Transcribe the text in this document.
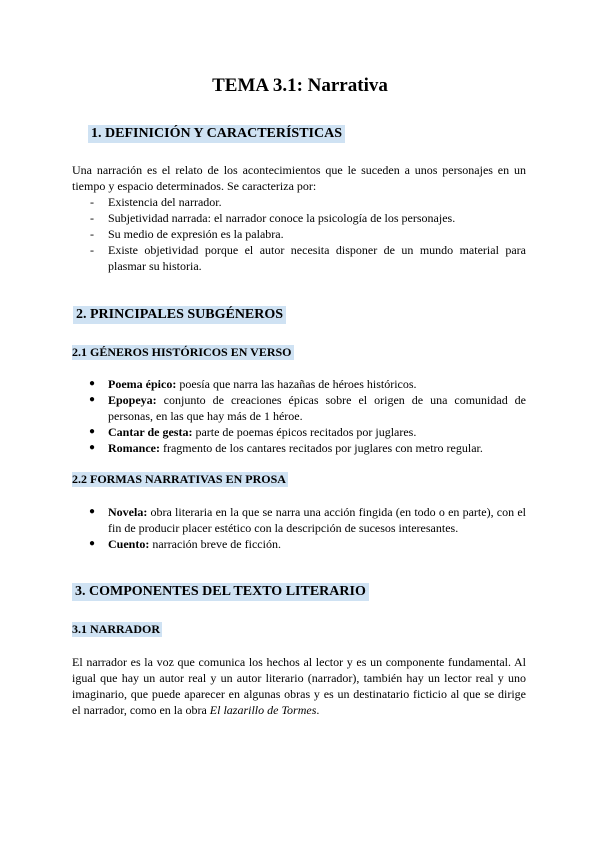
TEMA 3.1: Narrativa
1. DEFINICIÓN Y CARACTERÍSTICAS

Una narración es el relato de los acontecimientos que le suceden a unos personajes en un tiempo y espacio determinados. Se caracteriza por:

- Existencia del narrador.
- Subjetividad narrada: el narrador conoce la psicología de los personajes.
- Su medio de expresión es la palabra.
- Existe objetividad porque el autor necesita disponer de un mundo material para plasmar su historia.
2. PRINCIPALES SUBGÉNEROS
2.1 GÉNEROS HISTÓRICOS EN VERSO
● Poema épico: poesía que narra las hazañas de héroes históricos.
● Epopeya: conjunto de creaciones épicas sobre el origen de una comunidad de personas, en las que hay más de 1 héroe.
● Cantar de gesta: parte de poemas épicos recitados por juglares.
● Romance: fragmento de los cantares recitados por juglares con metro regular.
2.2 FORMAS NARRATIVAS EN PROSA
● Novela: obra literaria en la que se narra una acción fingida (en todo o en parte), con el fin de producir placer estético con la descripción de sucesos interesantes.
● Cuento: narración breve de ficción.
3. COMPONENTES DEL TEXTO LITERARIO
3.1 NARRADOR

El narrador es la voz que comunica los hechos al lector y es un componente fundamental. Al igual que hay un autor real y un autor literario (narrador), también hay un lector real y uno imaginario, que puede aparecer en algunas obras y es un destinatario ficticio al que se dirige el narrador, como en la obra El lazarillo de Tormes.
